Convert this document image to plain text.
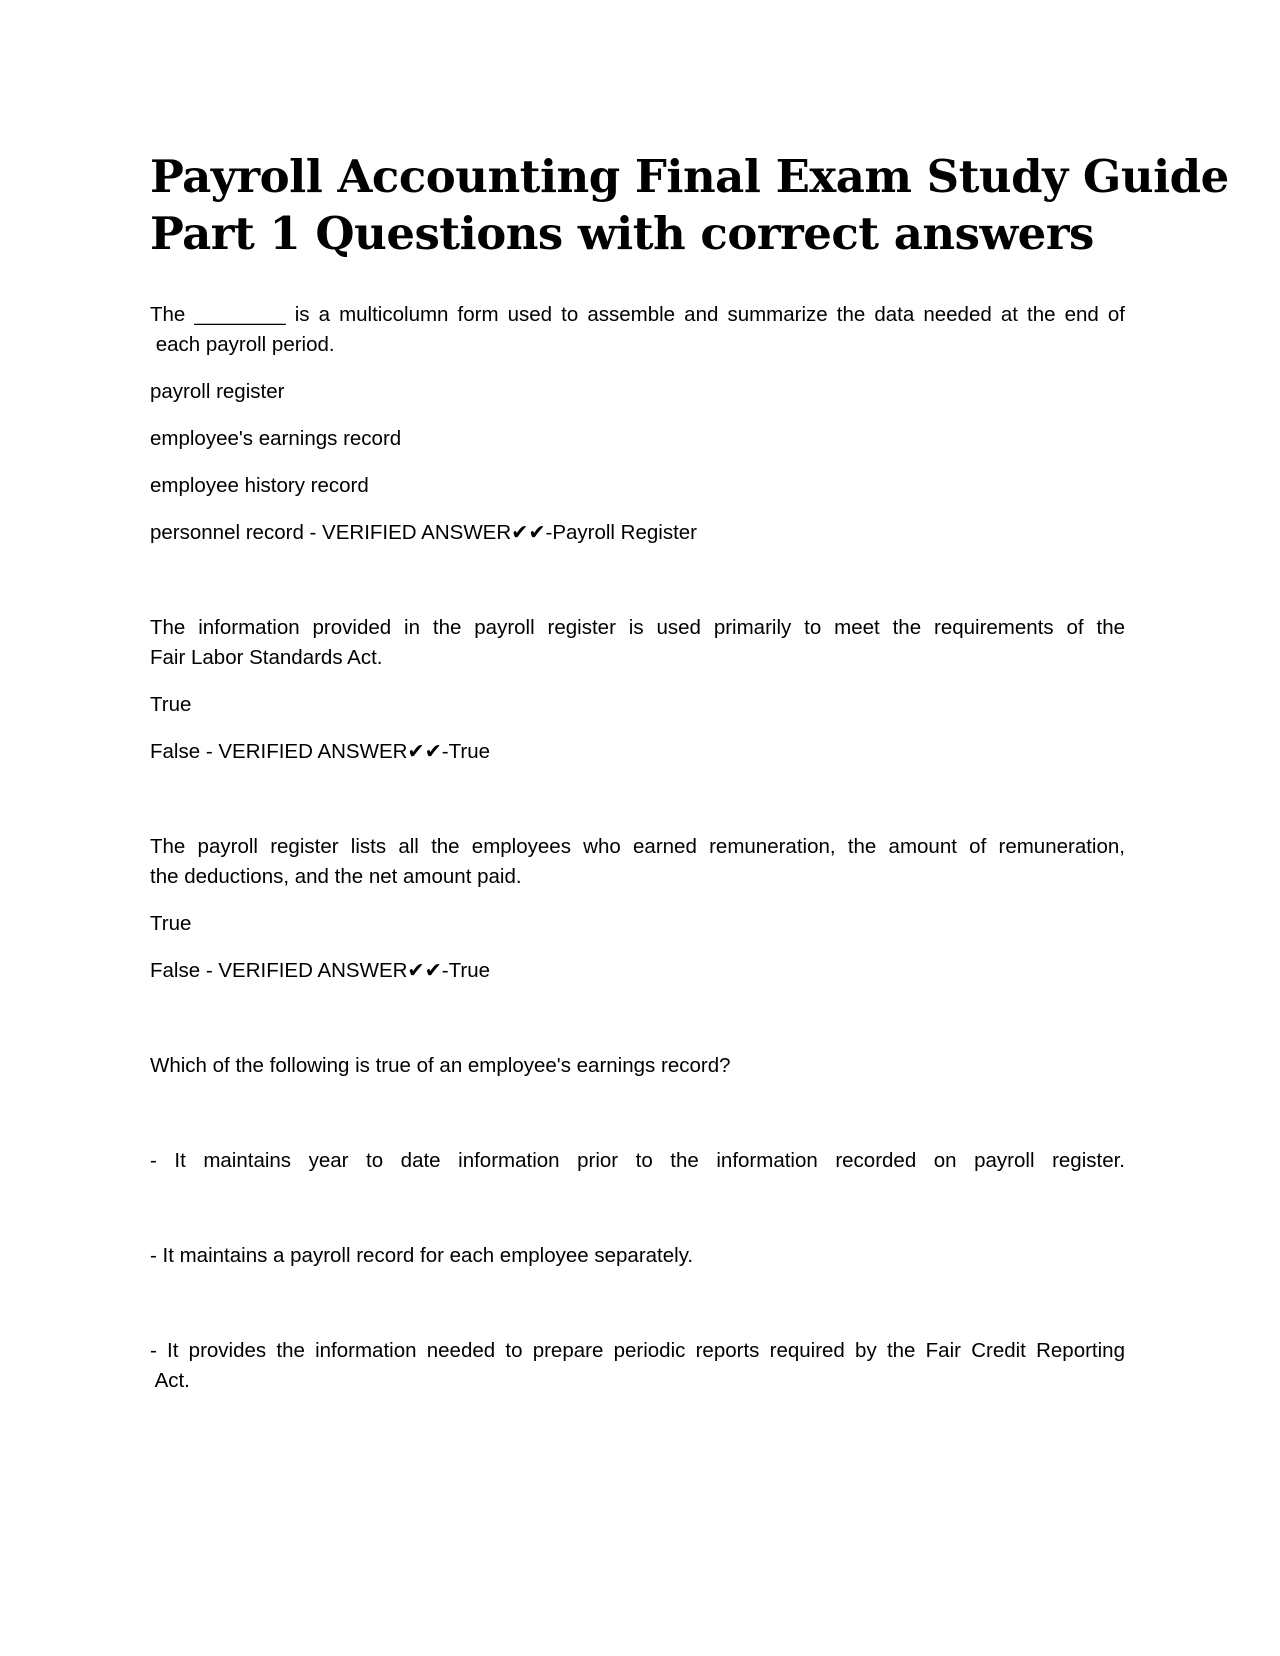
Payroll Accounting Final Exam Study Guide
Part 1 Questions with correct answers

The ________ is a multicolumn form used to assemble and summarize the data needed at the end of
each payroll period.

payroll register

employee's earnings record

employee history record

personnel record - VERIFIED ANSWER✔✔-Payroll Register

The information provided in the payroll register is used primarily to meet the requirements of the
Fair Labor Standards Act.

True

False - VERIFIED ANSWER✔✔-True

The payroll register lists all the employees who earned remuneration, the amount of remuneration,
the deductions, and the net amount paid.

True

False - VERIFIED ANSWER✔✔-True

Which of the following is true of an employee's earnings record?

- It maintains year to date information prior to the information recorded on payroll register.

- It maintains a payroll record for each employee separately.

- It provides the information needed to prepare periodic reports required by the Fair Credit Reporting
Act.
